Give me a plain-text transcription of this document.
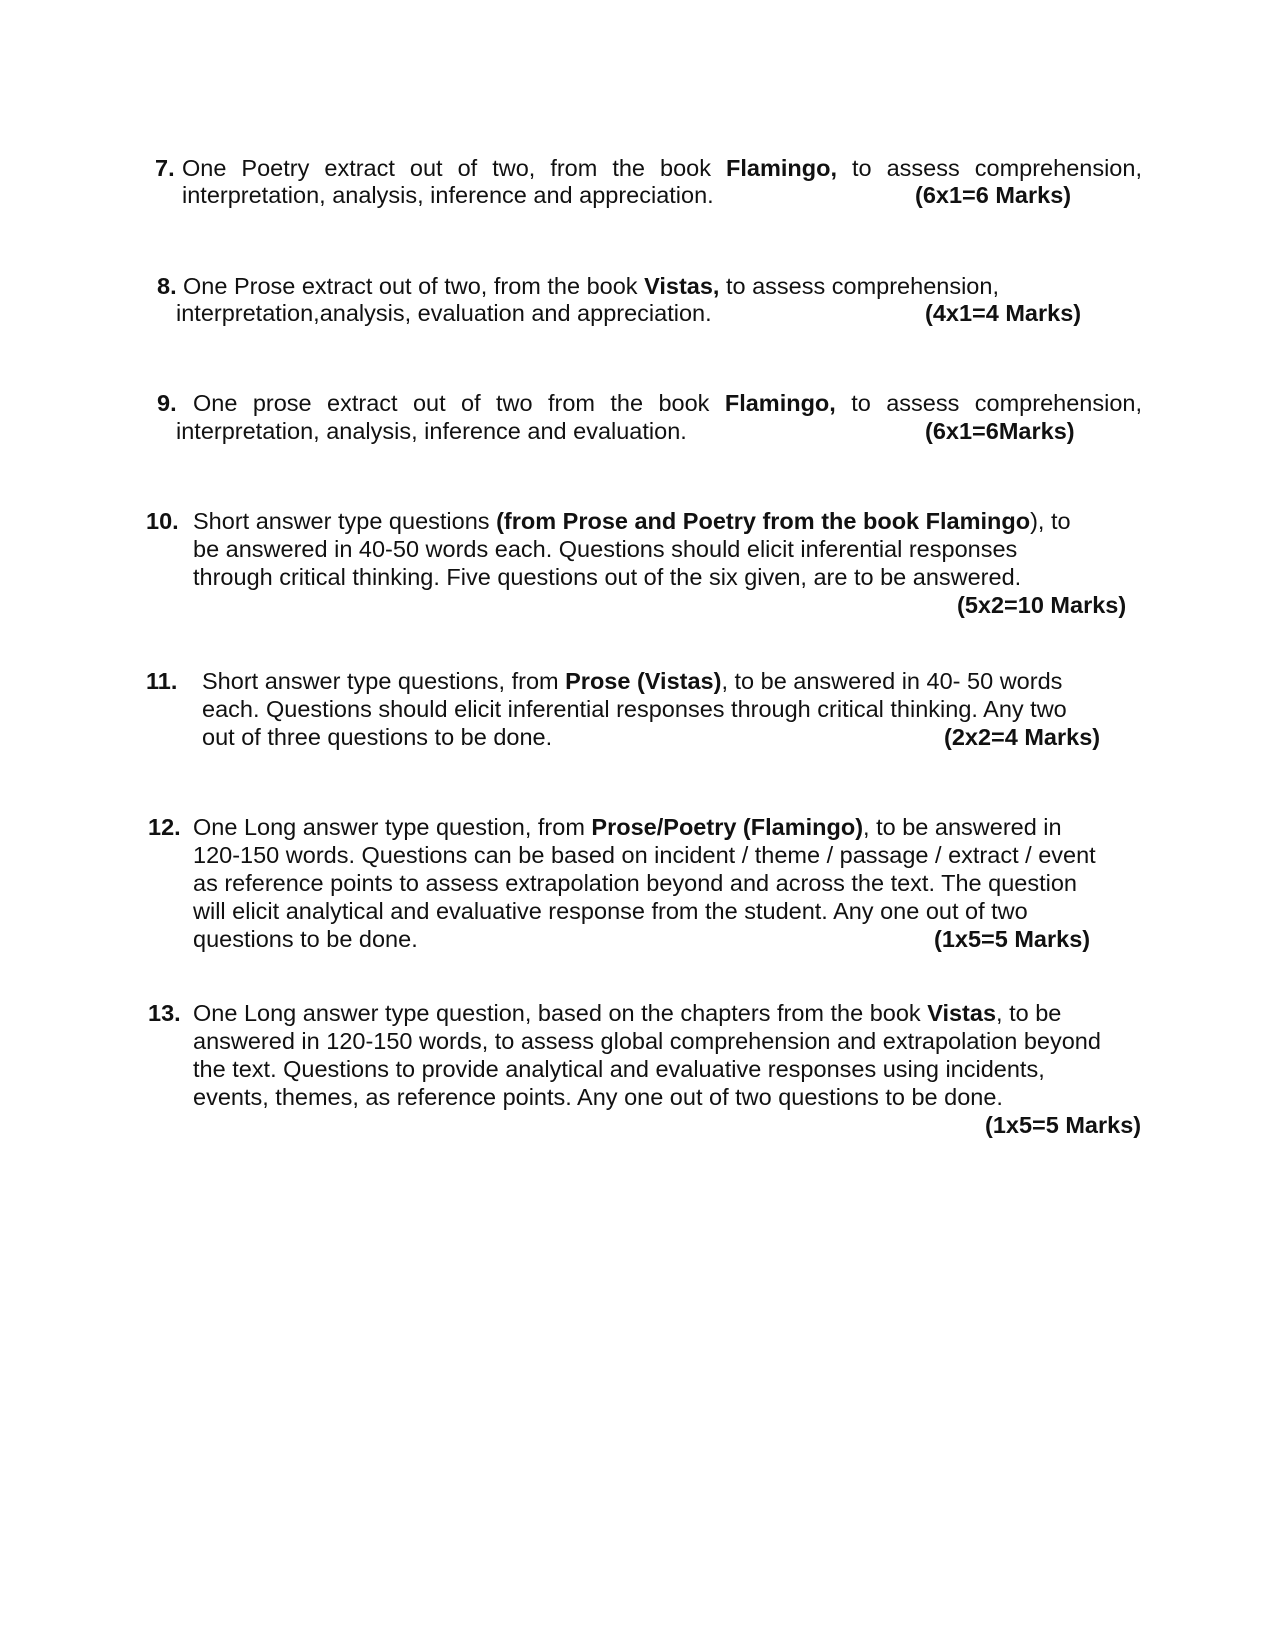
7. One Poetry extract out of two, from the book Flamingo, to assess comprehension,
interpretation, analysis, inference and appreciation.	(6x1=6 Marks)
8. One Prose extract out of two, from the book Vistas, to assess comprehension,
interpretation,analysis, evaluation and appreciation.	(4x1=4 Marks)
9. One prose extract out of two from the book Flamingo, to assess comprehension,
interpretation, analysis, inference and evaluation.	(6x1=6Marks)
10. Short answer type questions (from Prose and Poetry from the book Flamingo), to
be answered in 40-50 words each. Questions should elicit inferential responses
through critical thinking. Five questions out of the six given, are to be answered.
(5x2=10 Marks)
11. Short answer type questions, from Prose (Vistas), to be answered in 40- 50 words
each. Questions should elicit inferential responses through critical thinking. Any two
out of three questions to be done.	(2x2=4 Marks)
12. One Long answer type question, from Prose/Poetry (Flamingo), to be answered in
120-150 words. Questions can be based on incident / theme / passage / extract / event
as reference points to assess extrapolation beyond and across the text. The question
will elicit analytical and evaluative response from the student. Any one out of two
questions to be done.	(1x5=5 Marks)
13. One Long answer type question, based on the chapters from the book Vistas, to be
answered in 120-150 words, to assess global comprehension and extrapolation beyond
the text. Questions to provide analytical and evaluative responses using incidents,
events, themes, as reference points. Any one out of two questions to be done.
(1x5=5 Marks)
